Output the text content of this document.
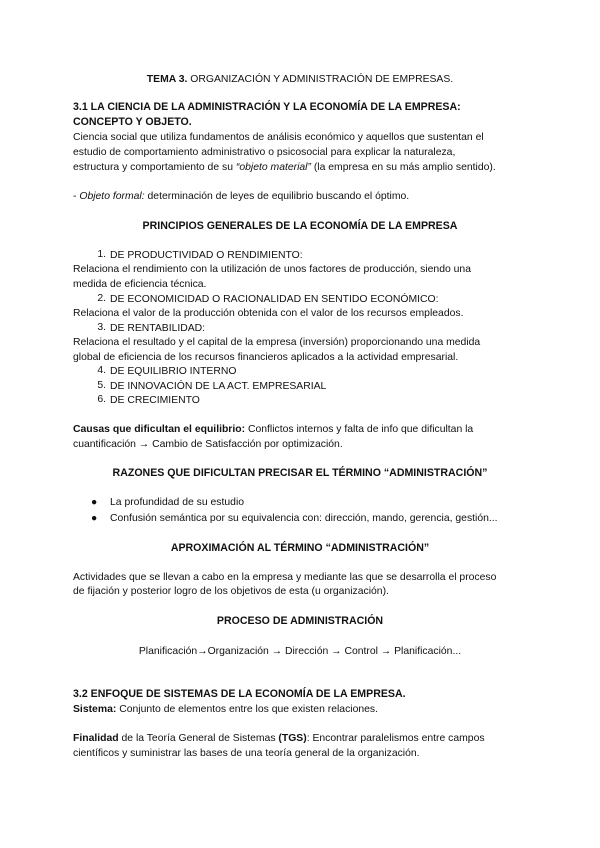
TEMA 3. ORGANIZACIÓN Y ADMINISTRACIÓN DE EMPRESAS.
3.1 LA CIENCIA DE LA ADMINISTRACIÓN Y LA ECONOMÍA DE LA EMPRESA:
CONCEPTO Y OBJETO.
Ciencia social que utiliza fundamentos de análisis económico y aquellos que sustentan el
estudio de comportamiento administrativo o psicosocial para explicar la naturaleza,
estructura y comportamiento de su “objeto material” (la empresa en su más amplio sentido).
- Objeto formal: determinación de leyes de equilibrio buscando el óptimo.
PRINCIPIOS GENERALES DE LA ECONOMÍA DE LA EMPRESA
1. DE PRODUCTIVIDAD O RENDIMIENTO:
Relaciona el rendimiento con la utilización de unos factores de producción, siendo una
medida de eficiencia técnica.
2. DE ECONOMICIDAD O RACIONALIDAD EN SENTIDO ECONÓMICO:
Relaciona el valor de la producción obtenida con el valor de los recursos empleados.
3. DE RENTABILIDAD:
Relaciona el resultado y el capital de la empresa (inversión) proporcionando una medida
global de eficiencia de los recursos financieros aplicados a la actividad empresarial.
4. DE EQUILIBRIO INTERNO
5. DE INNOVACIÓN DE LA ACT. EMPRESARIAL
6. DE CRECIMIENTO
Causas que dificultan el equilibrio: Conflictos internos y falta de info que dificultan la
cuantificación → Cambio de Satisfacción por optimización.
RAZONES QUE DIFICULTAN PRECISAR EL TÉRMINO “ADMINISTRACIÓN”
● La profundidad de su estudio
● Confusión semántica por su equivalencia con: dirección, mando, gerencia, gestión...
APROXIMACIÓN AL TÉRMINO “ADMINISTRACIÓN”
Actividades que se llevan a cabo en la empresa y mediante las que se desarrolla el proceso
de fijación y posterior logro de los objetivos de esta (u organización).
PROCESO DE ADMINISTRACIÓN
Planificación→Organización → Dirección → Control → Planificación...
3.2 ENFOQUE DE SISTEMAS DE LA ECONOMÍA DE LA EMPRESA.
Sistema: Conjunto de elementos entre los que existen relaciones.
Finalidad de la Teoría General de Sistemas (TGS): Encontrar paralelismos entre campos
científicos y suministrar las bases de una teoría general de la organización.
